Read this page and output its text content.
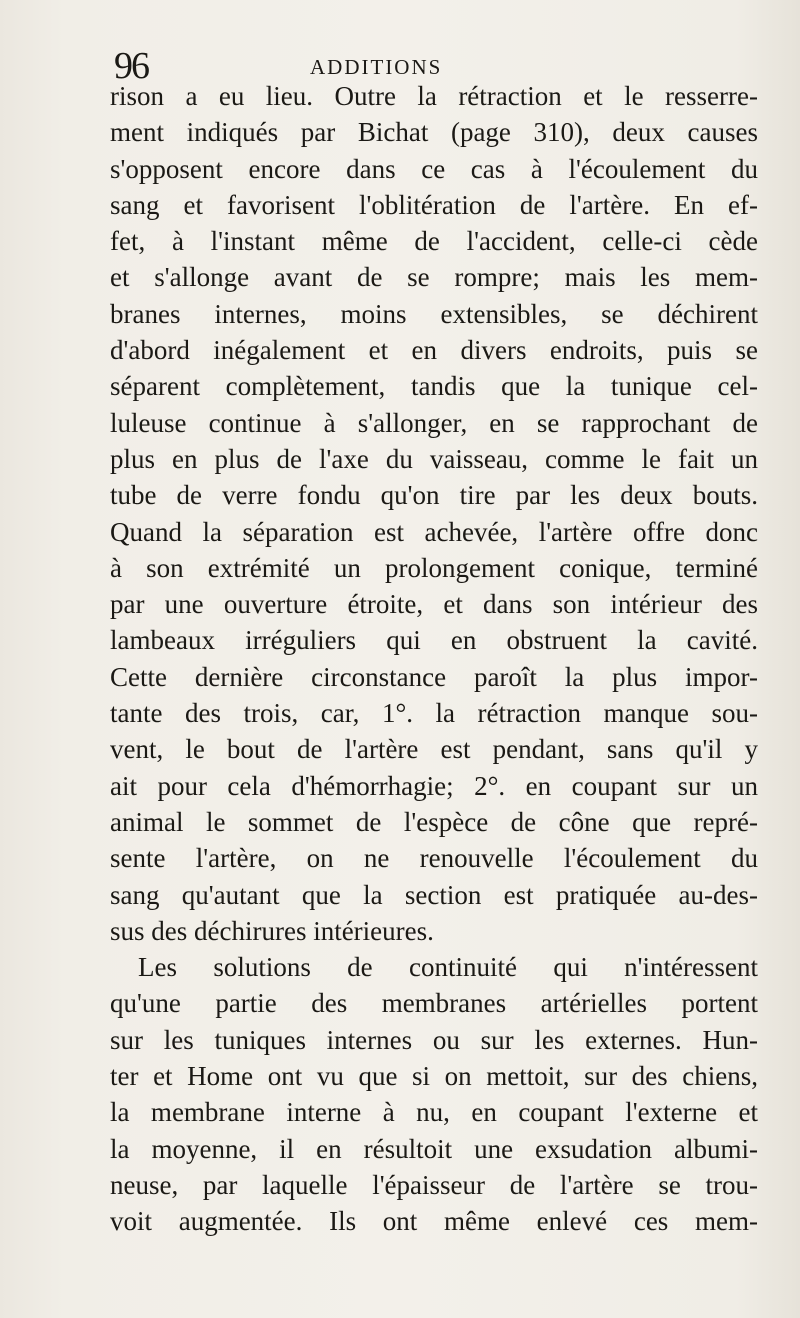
96	ADDITIONS
rison a eu lieu. Outre la rétraction et le resserre-
ment indiqués par Bichat (page 310), deux causes
s'opposent encore dans ce cas à l'écoulement du
sang et favorisent l'oblitération de l'artère. En ef-
fet, à l'instant même de l'accident, celle-ci cède
et s'allonge avant de se rompre; mais les mem-
branes internes, moins extensibles, se déchirent
d'abord inégalement et en divers endroits, puis se
séparent complètement, tandis que la tunique cel-
luleuse continue à s'allonger, en se rapprochant de
plus en plus de l'axe du vaisseau, comme le fait un
tube de verre fondu qu'on tire par les deux bouts.
Quand la séparation est achevée, l'artère offre donc
à son extrémité un prolongement conique, terminé
par une ouverture étroite, et dans son intérieur des
lambeaux irréguliers qui en obstruent la cavité.
Cette dernière circonstance paroît la plus impor-
tante des trois, car, 1°. la rétraction manque sou-
vent, le bout de l'artère est pendant, sans qu'il y
ait pour cela d'hémorrhagie; 2°. en coupant sur un
animal le sommet de l'espèce de cône que repré-
sente l'artère, on ne renouvelle l'écoulement du
sang qu'autant que la section est pratiquée au-des-
sus des déchirures intérieures.
Les solutions de continuité qui n'intéressent
qu'une partie des membranes artérielles portent
sur les tuniques internes ou sur les externes. Hun-
ter et Home ont vu que si on mettoit, sur des chiens,
la membrane interne à nu, en coupant l'externe et
la moyenne, il en résultoit une exsudation albumi-
neuse, par laquelle l'épaisseur de l'artère se trou-
voit augmentée. Ils ont même enlevé ces mem-
